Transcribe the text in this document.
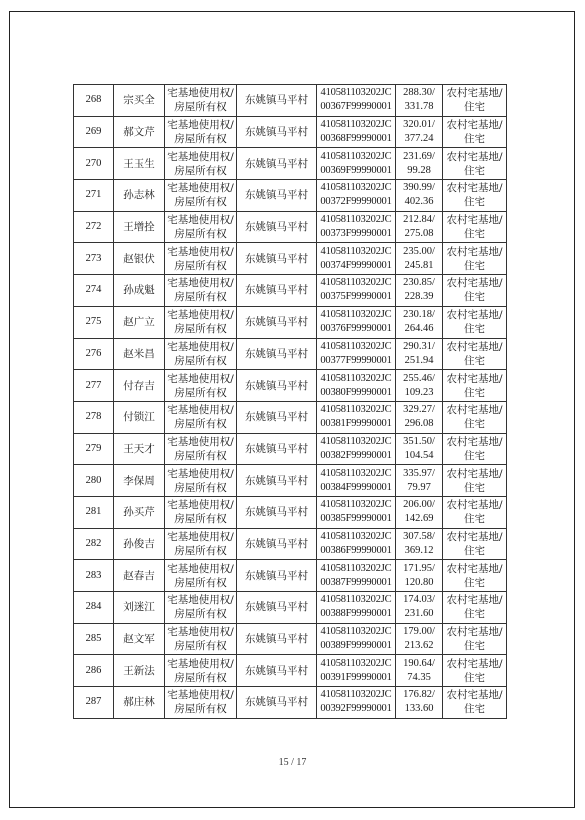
268	宗买全	宅基地使用权/
房屋所有权	东姚镇马平村	410581103202JC
00367F99990001	288.30/
331.78	农村宅基地/
住宅

269	郝文芹	宅基地使用权/
房屋所有权	东姚镇马平村	410581103202JC
00368F99990001	320.01/
377.24	农村宅基地/
住宅

270	王玉生	宅基地使用权/
房屋所有权	东姚镇马平村	410581103202JC
00369F99990001	231.69/
99.28	农村宅基地/
住宅

271	孙志林	宅基地使用权/
房屋所有权	东姚镇马平村	410581103202JC
00372F99990001	390.99/
402.36	农村宅基地/
住宅

272	王增拴	宅基地使用权/
房屋所有权	东姚镇马平村	410581103202JC
00373F99990001	212.84/
275.08	农村宅基地/
住宅

273	赵银伏	宅基地使用权/
房屋所有权	东姚镇马平村	410581103202JC
00374F99990001	235.00/
245.81	农村宅基地/
住宅

274	孙成魁	宅基地使用权/
房屋所有权	东姚镇马平村	410581103202JC
00375F99990001	230.85/
228.39	农村宅基地/
住宅

275	赵广立	宅基地使用权/
房屋所有权	东姚镇马平村	410581103202JC
00376F99990001	230.18/
264.46	农村宅基地/
住宅

276	赵米昌	宅基地使用权/
房屋所有权	东姚镇马平村	410581103202JC
00377F99990001	290.31/
251.94	农村宅基地/
住宅

277	付存吉	宅基地使用权/
房屋所有权	东姚镇马平村	410581103202JC
00380F99990001	255.46/
109.23	农村宅基地/
住宅

278	付锁江	宅基地使用权/
房屋所有权	东姚镇马平村	410581103202JC
00381F99990001	329.27/
296.08	农村宅基地/
住宅

279	王天才	宅基地使用权/
房屋所有权	东姚镇马平村	410581103202JC
00382F99990001	351.50/
104.54	农村宅基地/
住宅

280	李保周	宅基地使用权/
房屋所有权	东姚镇马平村	410581103202JC
00384F99990001	335.97/
79.97	农村宅基地/
住宅

281	孙买芹	宅基地使用权/
房屋所有权	东姚镇马平村	410581103202JC
00385F99990001	206.00/
142.69	农村宅基地/
住宅

282	孙俊吉	宅基地使用权/
房屋所有权	东姚镇马平村	410581103202JC
00386F99990001	307.58/
369.12	农村宅基地/
住宅

283	赵春吉	宅基地使用权/
房屋所有权	东姚镇马平村	410581103202JC
00387F99990001	171.95/
120.80	农村宅基地/
住宅

284	刘迷江	宅基地使用权/
房屋所有权	东姚镇马平村	410581103202JC
00388F99990001	174.03/
231.60	农村宅基地/
住宅

285	赵文军	宅基地使用权/
房屋所有权	东姚镇马平村	410581103202JC
00389F99990001	179.00/
213.62	农村宅基地/
住宅

286	王新法	宅基地使用权/
房屋所有权	东姚镇马平村	410581103202JC
00391F99990001	190.64/
74.35	农村宅基地/
住宅

287	郝庄林	宅基地使用权/
房屋所有权	东姚镇马平村	410581103202JC
00392F99990001	176.82/
133.60	农村宅基地/
住宅
15 / 17
